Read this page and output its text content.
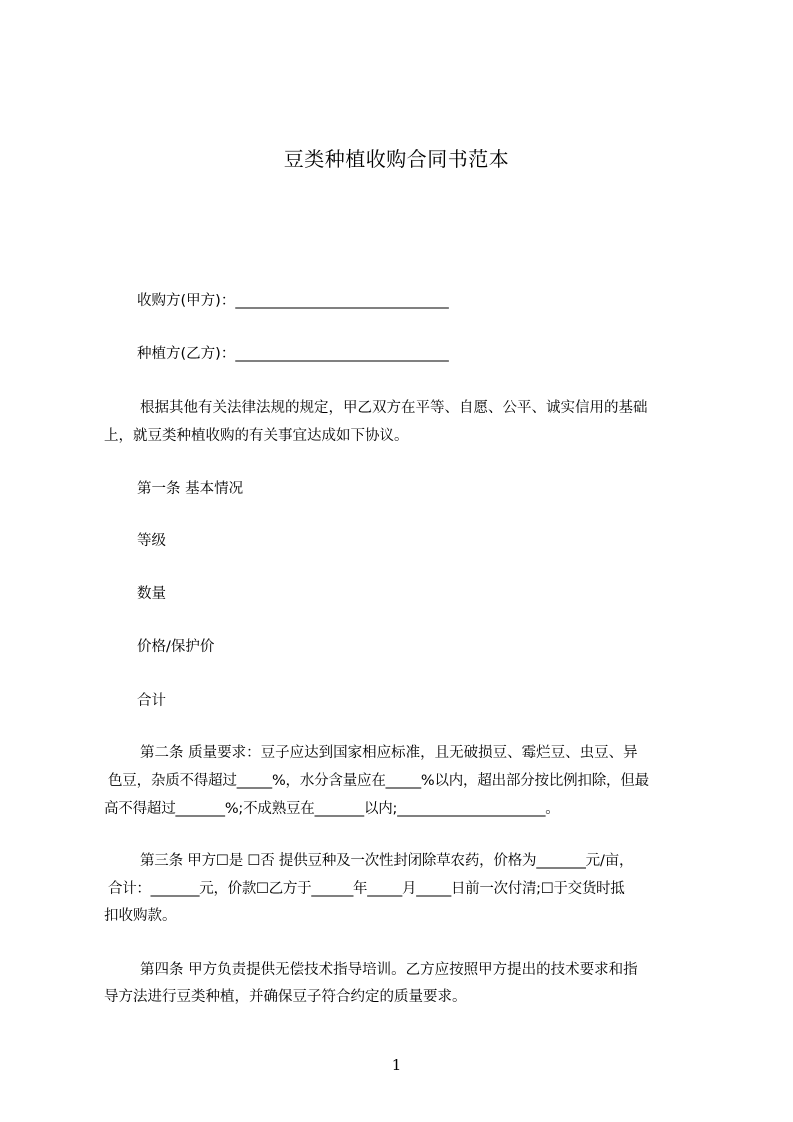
豆类种植收购合同书范本
收购方(甲方)：________________________________
种植方(乙方)：________________________________
根据其他有关法律法规的规定，甲乙双方在平等、自愿、公平、诚实信用的基础
上，就豆类种植收购的有关事宜达成如下协议。
第一条 基本情况
等级
数量
价格/保护价
合计
第二条 质量要求：豆子应达到国家相应标准，且无破损豆、霉烂豆、虫豆、异
色豆，杂质不得超过_____%，水分含量应在_____%以内，超出部分按比例扣除，但最
高不得超过_______%;不成熟豆在_______以内;_____________________。
第三条 甲方☐是 ☐否 提供豆种及一次性封闭除草农药，价格为_______元/亩，
合计：_______元，价款☐乙方于______年_____月_____日前一次付清;☐于交货时抵
扣收购款。
第四条 甲方负责提供无偿技术指导培训。乙方应按照甲方提出的技术要求和指
导方法进行豆类种植，并确保豆子符合约定的质量要求。
1
